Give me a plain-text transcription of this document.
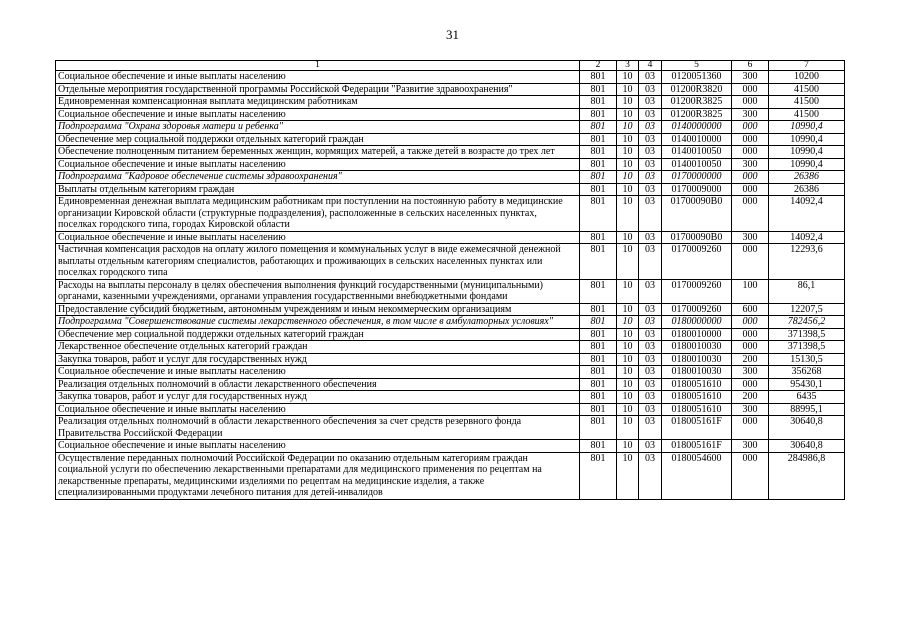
31
1	2	3	4	5	6	7
Социальное обеспечение и иные выплаты населению	801	10	03	0120051360	300	10200
Отдельные мероприятия государственной программы Российской Федерации "Развитие здравоохранения"	801	10	03	01200R3820	000	41500
Единовременная компенсационная выплата медицинским работникам	801	10	03	01200R3825	000	41500
Социальное обеспечение и иные выплаты населению	801	10	03	01200R3825	300	41500
Подпрограмма "Охрана здоровья матери и ребенка"	801	10	03	0140000000	000	10990,4
Обеспечение мер социальной поддержки отдельных категорий граждан	801	10	03	0140010000	000	10990,4
Обеспечение полноценным питанием беременных женщин, кормящих матерей, а также детей в возрасте до трех лет	801	10	03	0140010050	000	10990,4
Социальное обеспечение и иные выплаты населению	801	10	03	0140010050	300	10990,4
Подпрограмма "Кадровое обеспечение системы здравоохранения"	801	10	03	0170000000	000	26386
Выплаты отдельным категориям граждан	801	10	03	0170009000	000	26386
Единовременная денежная выплата медицинским работникам при поступлении на постоянную работу в медицинские организации Кировской области (структурные подразделения), расположенные в сельских населенных пунктах, поселках городского типа, городах Кировской области	801	10	03	01700090В0	000	14092,4
Социальное обеспечение и иные выплаты населению	801	10	03	01700090В0	300	14092,4
Частичная компенсация расходов на оплату жилого помещения и коммунальных услуг в виде ежемесячной денежной выплаты отдельным категориям специалистов, работающих и проживающих в сельских населенных пунктах или поселках городского типа	801	10	03	0170009260	000	12293,6
Расходы на выплаты персоналу в целях обеспечения выполнения функций государственными (муниципальными) органами, казенными учреждениями, органами управления государственными внебюджетными фондами	801	10	03	0170009260	100	86,1
Предоставление субсидий бюджетным, автономным учреждениям и иным некоммерческим организациям	801	10	03	0170009260	600	12207,5
Подпрограмма "Совершенствование системы лекарственного обеспечения, в том числе в амбулаторных условиях"	801	10	03	0180000000	000	782456,2
Обеспечение мер социальной поддержки отдельных категорий граждан	801	10	03	0180010000	000	371398,5
Лекарственное обеспечение отдельных категорий граждан	801	10	03	0180010030	000	371398,5
Закупка товаров, работ и услуг для государственных нужд	801	10	03	0180010030	200	15130,5
Социальное обеспечение и иные выплаты населению	801	10	03	0180010030	300	356268
Реализация отдельных полномочий в области лекарственного обеспечения	801	10	03	0180051610	000	95430,1
Закупка товаров, работ и услуг для государственных нужд	801	10	03	0180051610	200	6435
Социальное обеспечение и иные выплаты населению	801	10	03	0180051610	300	88995,1
Реализация отдельных полномочий в области лекарственного обеспечения за счет средств резервного фонда Правительства Российской Федерации	801	10	03	018005161F	000	30640,8
Социальное обеспечение и иные выплаты населению	801	10	03	018005161F	300	30640,8
Осуществление переданных полномочий Российской Федерации по оказанию отдельным категориям граждан социальной услуги по обеспечению лекарственными препаратами для медицинского применения по рецептам на лекарственные препараты, медицинскими изделиями по рецептам на медицинские изделия, а также специализированными продуктами лечебного питания для детей-инвалидов	801	10	03	0180054600	000	284986,8
